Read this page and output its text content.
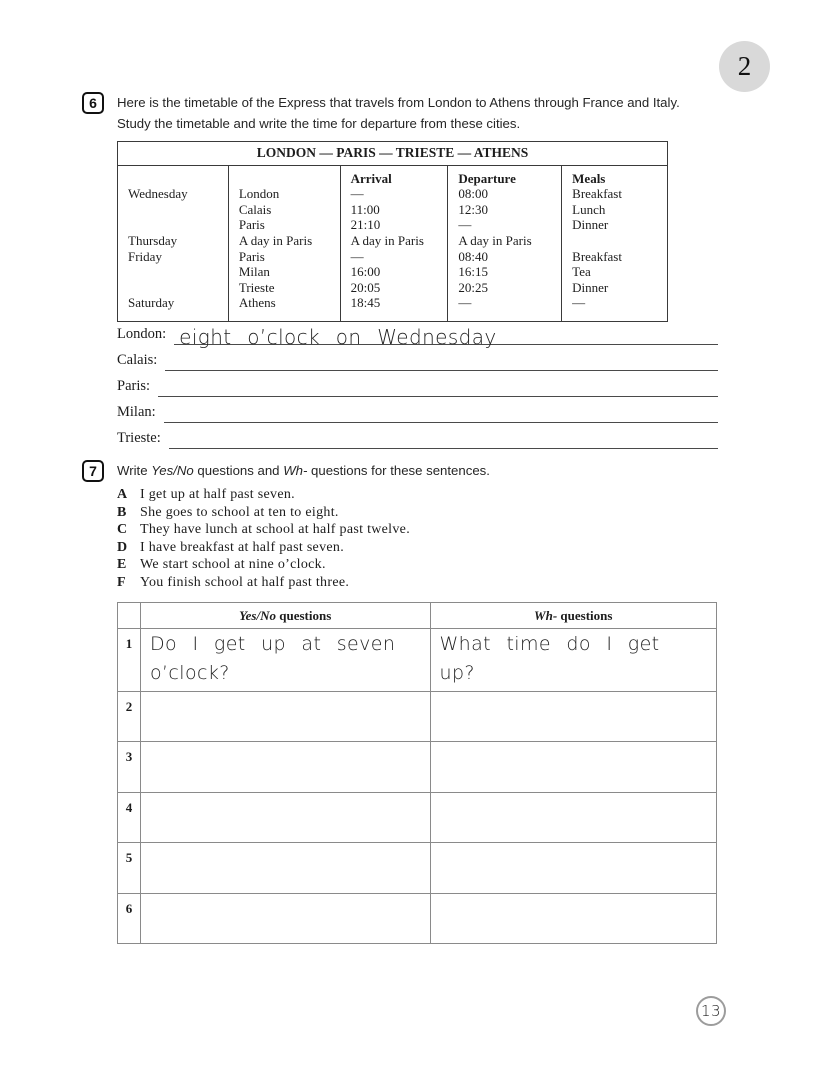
2
6	Here is the timetable of the Express that travels from London to Athens through France and Italy.
Study the timetable and write the time for departure from these cities.
LONDON — PARIS — TRIESTE — ATHENS				
		Arrival	Departure	Meals
Wednesday	London	—	08:00	Breakfast
	Calais	11:00	12:30	Lunch
	Paris	21:10	—	Dinner
Thursday	A day in Paris	A day in Paris	A day in Paris	
Friday	Paris	—	08:40	Breakfast
	Milan	16:00	16:15	Tea
	Trieste	20:05	20:25	Dinner
Saturday	Athens	18:45	—	—
London: eight o’clock on Wednesday
Calais:
Paris:
Milan:
Trieste:
7	Write Yes/No questions and Wh- questions for these sentences.
A I get up at half past seven.
B She goes to school at ten to eight.
C They have lunch at school at half past twelve.
D I have breakfast at half past seven.
E We start school at nine o’clock.
F	You finish school at half past three.
	Yes/No questions	Wh- questions
1	Do I get up at seven o’clock?	What time do I get up?

2	

3	

4	

5	

6	

13
